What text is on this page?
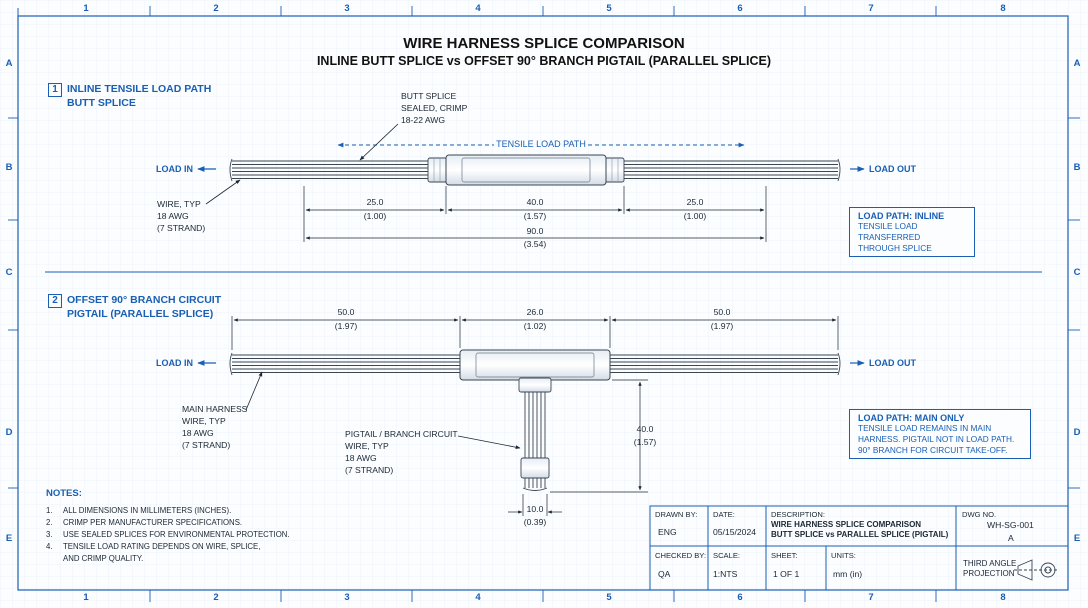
1	2	3	4	5	6	7	8
1	2	3	4	5	6	7	8
A
B
C
D
E
A
B
C
D
E
WIRE HARNESS SPLICE COMPARISON
INLINE BUTT SPLICE vs OFFSET 90° BRANCH PIGTAIL (PARALLEL SPLICE)
1 INLINE TENSILE LOAD PATH
BUTT SPLICE
BUTT SPLICE
SEALED, CRIMP
18-22 AWG
TENSILE LOAD PATH
LOAD IN	LOAD OUT
WIRE, TYP
18 AWG
(7 STRAND)
25.0
(1.00)
40.0
(1.57)
25.0
(1.00)
90.0
(3.54)
LOAD PATH: INLINE
TENSILE LOAD TRANSFERRED
THROUGH SPLICE
2 OFFSET 90° BRANCH CIRCUIT
PIGTAIL (PARALLEL SPLICE)	50.0
(1.97)
26.0
(1.02)
50.0
(1.97)
LOAD IN	LOAD OUT
MAIN HARNESS
WIRE, TYP
18 AWG
(7 STRAND)
PIGTAIL / BRANCH CIRCUIT
WIRE, TYP
18 AWG
(7 STRAND)
40.0
(1.57)
10.0
(0.39)
LOAD PATH: MAIN ONLY
TENSILE LOAD REMAINS IN MAIN
HARNESS. PIGTAIL NOT IN LOAD PATH.
90° BRANCH FOR CIRCUIT TAKE-OFF.
NOTES:
1. ALL DIMENSIONS IN MILLIMETERS (INCHES).
2. CRIMP PER MANUFACTURER SPECIFICATIONS.
3. USE SEALED SPLICES FOR ENVIRONMENTAL PROTECTION.
4. TENSILE LOAD RATING DEPENDS ON WIRE, SPLICE,
AND CRIMP QUALITY.
DRAWN BY:
ENG
DATE:
05/15/2024
DESCRIPTION:
WIRE HARNESS SPLICE COMPARISON
BUTT SPLICE vs PARALLEL SPLICE (PIGTAIL)
DWG NO.
WH-SG-001
A
CHECKED BY:
QA
SCALE:
1:NTS
SHEET:
1 OF 1
UNITS:
mm (in)
THIRD ANGLE
PROJECTION
